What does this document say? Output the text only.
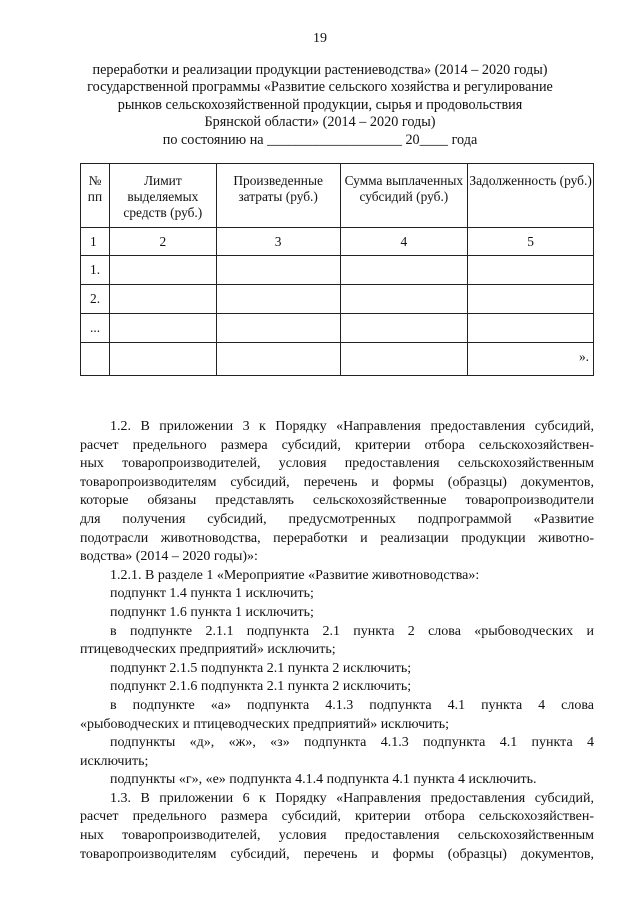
19
переработки и реализации продукции растениеводства» (2014 – 2020 годы)
государственной программы «Развитие сельского хозяйства и регулирование
рынков сельскохозяйственной продукции, сырья и продовольствия
Брянской области» (2014 – 2020 годы)
по состоянию на ___________________ 20____ года
№ пп	Лимит выделяемых средств (руб.)	Произведенные затраты (руб.)	Сумма выплаченных субсидий (руб.)	Задолженность (руб.)
1	2	3	4	5
1.				
2.				
...				
				».

1.2. В приложении 3 к Порядку «Направления предоставления субсидий,
расчет предельного размера субсидий, критерии отбора сельскохозяйствен-
ных товаропроизводителей, условия предоставления сельскохозяйственным
товаропроизводителям субсидий, перечень и формы (образцы) документов,
которые обязаны представлять сельскохозяйственные товаропроизводители
для получения субсидий, предусмотренных подпрограммой «Развитие
подотрасли животноводства, переработки и реализации продукции животно-
водства» (2014 – 2020 годы)»:

1.2.1. В разделе 1 «Мероприятие «Развитие животноводства»:

подпункт 1.4 пункта 1 исключить;

подпункт 1.6 пункта 1 исключить;

в подпункте 2.1.1 подпункта 2.1 пункта 2 слова «рыбоводческих и
птицеводческих предприятий» исключить;

подпункт 2.1.5 подпункта 2.1 пункта 2 исключить;

подпункт 2.1.6 подпункта 2.1 пункта 2 исключить;

в подпункте «а» подпункта 4.1.3 подпункта 4.1 пункта 4 слова
«рыбоводческих и птицеводческих предприятий» исключить;

подпункты «д», «ж», «з» подпункта 4.1.3 подпункта 4.1 пункта 4
исключить;

подпункты «г», «е» подпункта 4.1.4 подпункта 4.1 пункта 4 исключить.

1.3. В приложении 6 к Порядку «Направления предоставления субсидий,
расчет предельного размера субсидий, критерии отбора сельскохозяйствен-
ных товаропроизводителей, условия предоставления сельскохозяйственным
товаропроизводителям субсидий, перечень и формы (образцы) документов,
